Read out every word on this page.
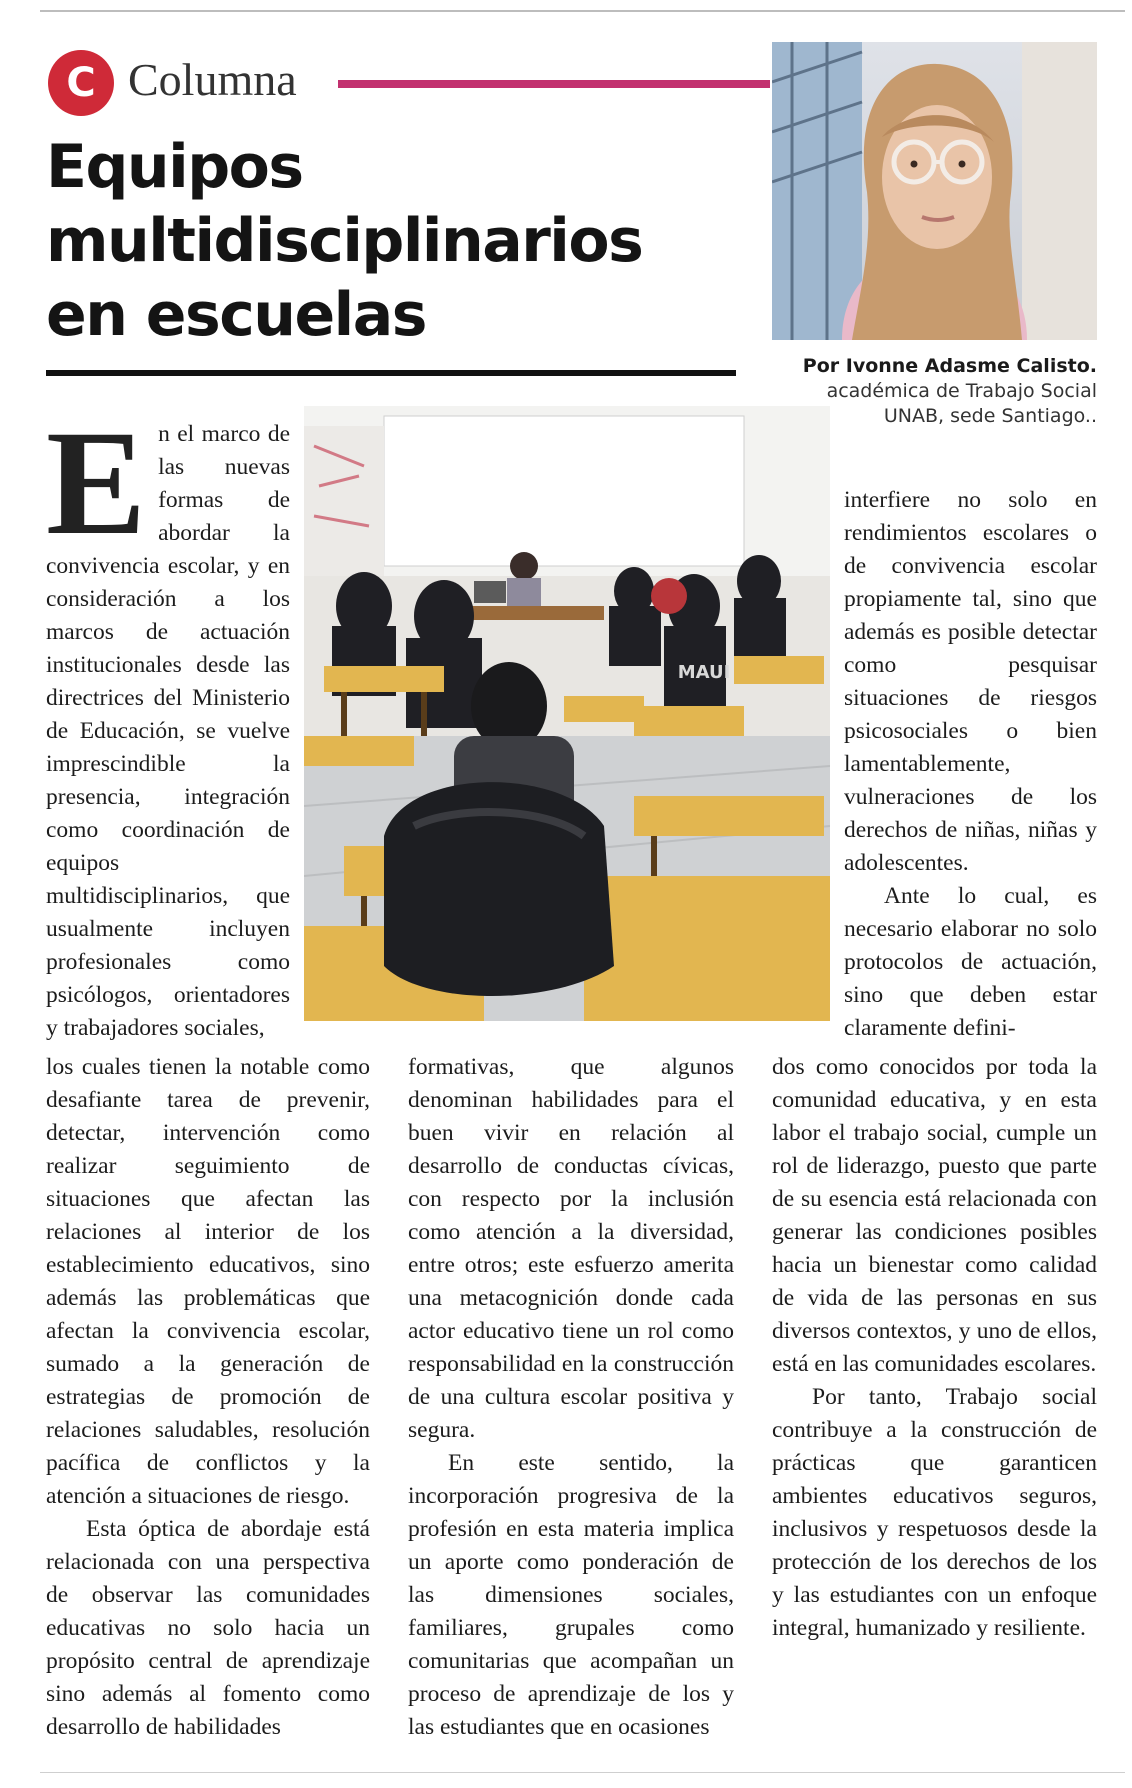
C Columna
Equipos multidisciplinarios en escuelas
Por Ivonne Adasme Calisto.
académica de Trabajo Social
UNAB, sede Santiago..
MAUI

En el marco de las nuevas formas de abordar la convivencia escolar, y en consideración a los marcos de actuación institucionales desde las directrices del Ministerio de Educación, se vuelve imprescindible la presencia, integración como coordinación de equipos multidisciplinarios, que usualmente incluyen profesionales como psicólogos, orientadores y trabajadores sociales,

los cuales tienen la notable como desafiante tarea de prevenir, detectar, intervención como realizar seguimiento de situaciones que afectan las relaciones al interior de los establecimiento educativos, sino además las problemáticas que afectan la convivencia escolar, sumado a la generación de estrategias de promoción de relaciones saludables, resolución pacífica de conflictos y la atención a situaciones de riesgo.

Esta óptica de abordaje está relacionada con una perspectiva de observar las comunidades educativas no solo hacia un propósito central de aprendizaje sino además al fomento como desarrollo de habilidades

formativas, que algunos denominan habilidades para el buen vivir en relación al desarrollo de conductas cívicas, con respecto por la inclusión como atención a la diversidad, entre otros; este esfuerzo amerita una metacognición donde cada actor educativo tiene un rol como responsabilidad en la construcción de una cultura escolar positiva y segura.

En este sentido, la incorporación progresiva de la profesión en esta materia implica un aporte como ponderación de las dimensiones sociales, familiares, grupales como comunitarias que acompañan un proceso de aprendizaje de los y las estudiantes que en ocasiones

interfiere no solo en rendimientos escolares o de convivencia escolar propiamente tal, sino que además es posible detectar como pesquisar situaciones de riesgos psicosociales o bien lamentablemente, vulneraciones de los derechos de niñas, niñas y adolescentes.

Ante lo cual, es necesario elaborar no solo protocolos de actuación, sino que deben estar claramente defini-

dos como conocidos por toda la comunidad educativa, y en esta labor el trabajo social, cumple un rol de liderazgo, puesto que parte de su esencia está relacionada con generar las condiciones posibles hacia un bienestar como calidad de vida de las personas en sus diversos contextos, y uno de ellos, está en las comunidades escolares.

Por tanto, Trabajo social contribuye a la construcción de prácticas que garanticen ambientes educativos seguros, inclusivos y respetuosos desde la protección de los derechos de los y las estudiantes con un enfoque integral, humanizado y resiliente.
